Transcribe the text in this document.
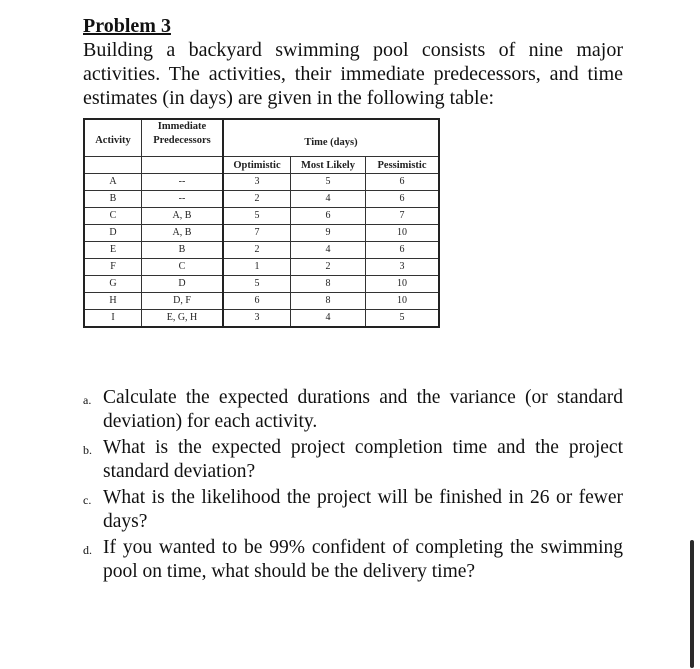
Problem 3

Building a backyard swimming pool consists of nine major activities. The activities, their immediate predecessors, and time estimates (in days) are given in the following table:

Activity	Immediate Predecessors	Time (days)		
		Optimistic	Most Likely	Pessimistic
A	--	3	5	6
B	--	2	4	6
C	A, B	5	6	7
D	A, B	7	9	10
E	B	2	4	6
F	C	1	2	3
G	D	5	8	10
H	D, F	6	8	10
I	E, G, H	3	4	5
a. Calculate the expected durations and the variance (or standard deviation) for each activity.
b. What is the expected project completion time and the project standard deviation?
c. What is the likelihood the project will be finished in 26 or fewer days?
d. If you wanted to be 99% confident of completing the swimming pool on time, what should be the delivery time?
